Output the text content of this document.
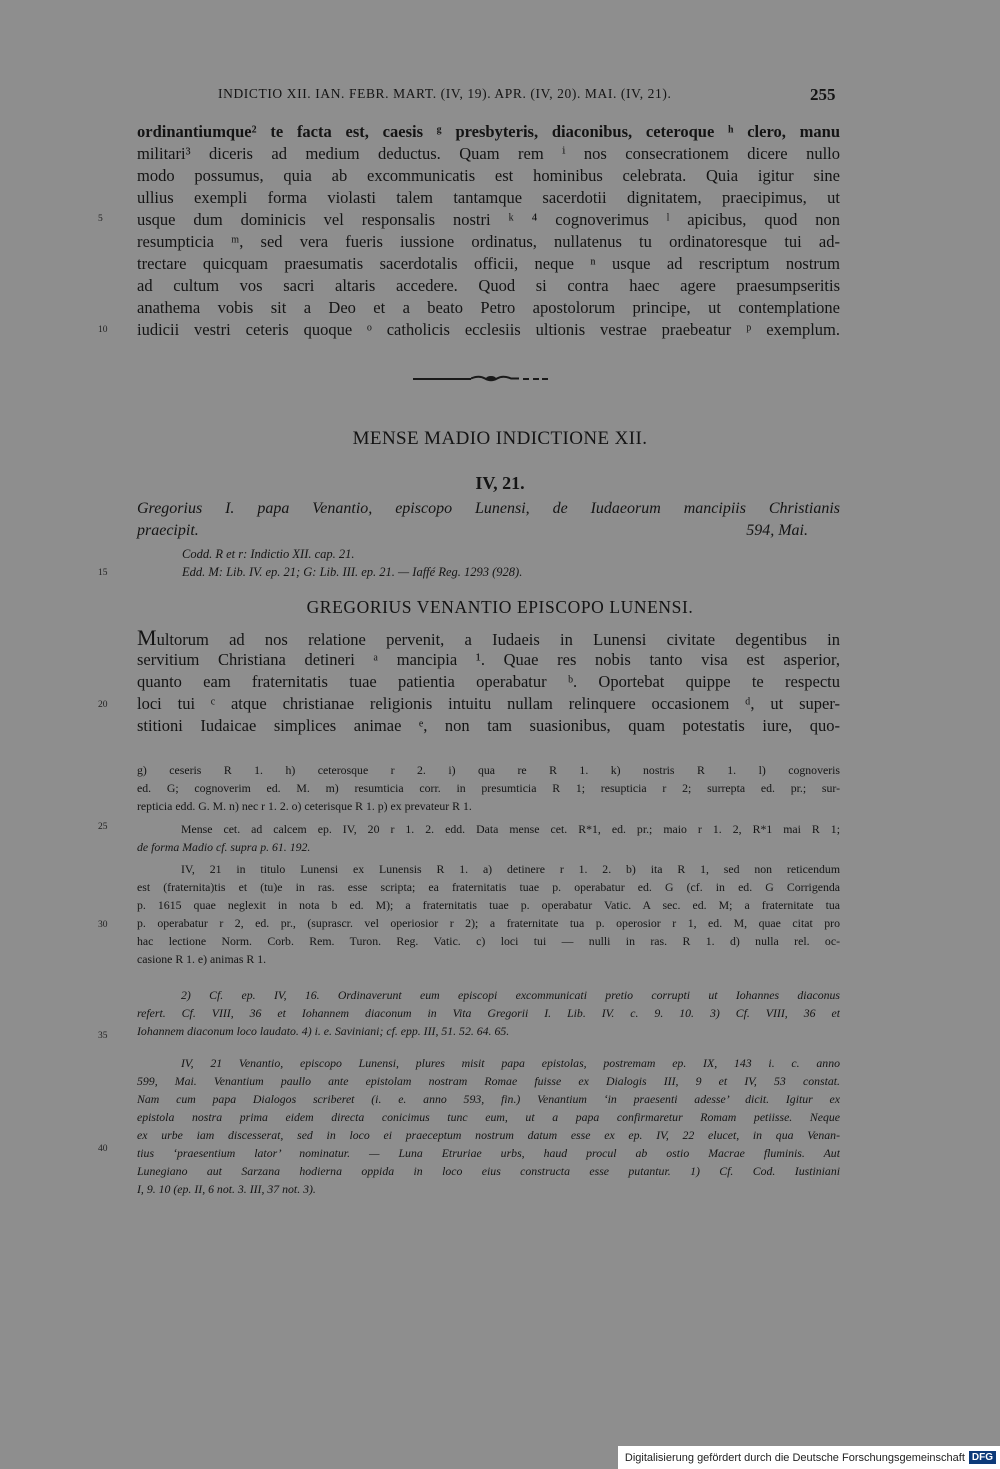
INDICTIO XII. IAN. FEBR. MART. (IV, 19). APR. (IV, 20). MAI. (IV, 21).	255
ordinantiumque² te facta est, caesis ᵍ presbyteris, diaconibus, ceteroque ʰ clero, manu
militari³ diceris ad medium deductus. Quam rem ⁱ nos consecrationem dicere nullo
modo possumus, quia ab excommunicatis est hominibus celebrata. Quia igitur sine
ullius exempli forma violasti talem tantamque sacerdotii dignitatem, praecipimus, ut
usque dum dominicis vel responsalis nostri ᵏ ⁴ cognoverimus ˡ apicibus, quod non
resumpticia ᵐ, sed vera fueris iussione ordinatus, nullatenus tu ordinatoresque tui ad-
trectare quicquam praesumatis sacerdotalis officii, neque ⁿ usque ad rescriptum nostrum
ad cultum vos sacri altaris accedere. Quod si contra haec agere praesumpseritis
anathema vobis sit a Deo et a beato Petro apostolorum principe, ut contemplatione
iudicii vestri ceteris quoque ᵒ catholicis ecclesiis ultionis vestrae praebeatur ᵖ exemplum.
5
10
MENSE MADIO INDICTIONE XII.
IV, 21.
Gregorius I. papa Venantio, episcopo Lunensi, de Iudaeorum mancipiis Christianis
praecipit.	594, Mai.
Codd. R et r: Indictio XII. cap. 21.
Edd. M: Lib. IV. ep. 21; G: Lib. III. ep. 21. — Iaffé Reg. 1293 (928).
15
GREGORIUS VENANTIO EPISCOPO LUNENSI.
Multorum ad nos relatione pervenit, a Iudaeis in Lunensi civitate degentibus in
servitium Christiana detineri ᵃ mancipia ¹. Quae res nobis tanto visa est asperior,
quanto eam fraternitatis tuae patientia operabatur ᵇ. Oportebat quippe te respectu
loci tui ᶜ atque christianae religionis intuitu nullam relinquere occasionem ᵈ, ut super-
stitioni Iudaicae simplices animae ᵉ, non tam suasionibus, quam potestatis iure, quo-
20
g) ceseris R 1. h) ceterosque r 2. i) qua re R 1. k) nostris R 1. l) cognoveris
ed. G; cognoverim ed. M. m) resumticia corr. in presumticia R 1; resupticia r 2; surrepta ed. pr.; sur-
repticia edd. G. M. n) nec r 1. 2. o) ceterisque R 1. p) ex prevateur R 1.
Mense cet. ad calcem ep. IV, 20 r 1. 2. edd. Data mense cet. R*1, ed. pr.; maio r 1. 2, R*1 mai R 1;
de forma Madio cf. supra p. 61. 192.
25
IV, 21 in titulo Lunensi ex Lunensis R 1. a) detinere r 1. 2. b) ita R 1, sed non reticendum
est (fraternita)tis et (tu)e in ras. esse scripta; ea fraternitatis tuae p. operabatur ed. G (cf. in ed. G Corrigenda
p. 1615 quae neglexit in nota b ed. M); a fraternitatis tuae p. operabatur Vatic. A sec. ed. M; a fraternitate tua
p. operabatur r 2, ed. pr., (suprascr. vel operiosior r 2); a fraternitate tua p. operosior r 1, ed. M, quae citat pro
hac lectione Norm. Corb. Rem. Turon. Reg. Vatic. c) loci tui — nulli in ras. R 1. d) nulla rel. oc-
casione R 1. e) animas R 1.
30
2) Cf. ep. IV, 16. Ordinaverunt eum episcopi excommunicati pretio corrupti ut Iohannes diaconus
refert. Cf. VIII, 36 et Iohannem diaconum in Vita Gregorii I. Lib. IV. c. 9. 10. 3) Cf. VIII, 36 et
Iohannem diaconum loco laudato. 4) i. e. Saviniani; cf. epp. III, 51. 52. 64. 65.
35
IV, 21 Venantio, episcopo Lunensi, plures misit papa epistolas, postremam ep. IX, 143 i. c. anno
599, Mai. Venantium paullo ante epistolam nostram Romae fuisse ex Dialogis III, 9 et IV, 53 constat.
Nam cum papa Dialogos scriberet (i. e. anno 593, fin.) Venantium ‘in praesenti adesse’ dicit. Igitur ex
epistola nostra prima eidem directa conicimus tunc eum, ut a papa confirmaretur Romam petiisse. Neque
ex urbe iam discesserat, sed in loco ei praeceptum nostrum datum esse ex ep. IV, 22 elucet, in qua Venan-
tius ‘praesentium lator’ nominatur. — Luna Etruriae urbs, haud procul ab ostio Macrae fluminis. Aut
Lunegiano aut Sarzana hodierna oppida in loco eius constructa esse putantur. 1) Cf. Cod. Iustiniani
I, 9. 10 (ep. II, 6 not. 3. III, 37 not. 3).
40
Digitalisierung gefördert durch die Deutsche Forschungsgemeinschaft DFG
